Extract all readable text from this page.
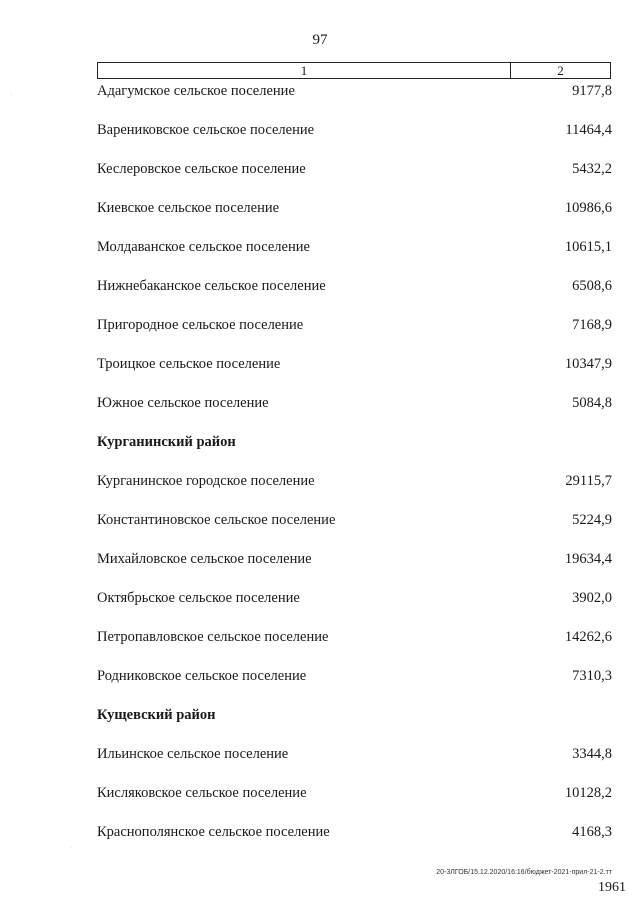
97
1	2
Адагумское сельское поселение	9177,8
Варениковское сельское поселение	11464,4
Кеслеровское сельское поселение	5432,2
Киевское сельское поселение	10986,6
Молдаванское сельское поселение	10615,1
Нижнебаканское сельское поселение	6508,6
Пригородное сельское поселение	7168,9
Троицкое сельское поселение	10347,9
Южное сельское поселение	5084,8
Курганинский район
Курганинское городское поселение	29115,7
Константиновское сельское поселение	5224,9
Михайловское сельское поселение	19634,4
Октябрьское сельское поселение	3902,0
Петропавловское сельское поселение	14262,6
Родниковское сельское поселение	7310,3
Кущевский район
Ильинское сельское поселение	3344,8
Кисляковское сельское поселение	10128,2
Краснополянское сельское поселение	4168,3
20-3ЛГОБ/15.12.2020/16:16/бюджет-2021-прил-21-2.тт
1961
·
·
